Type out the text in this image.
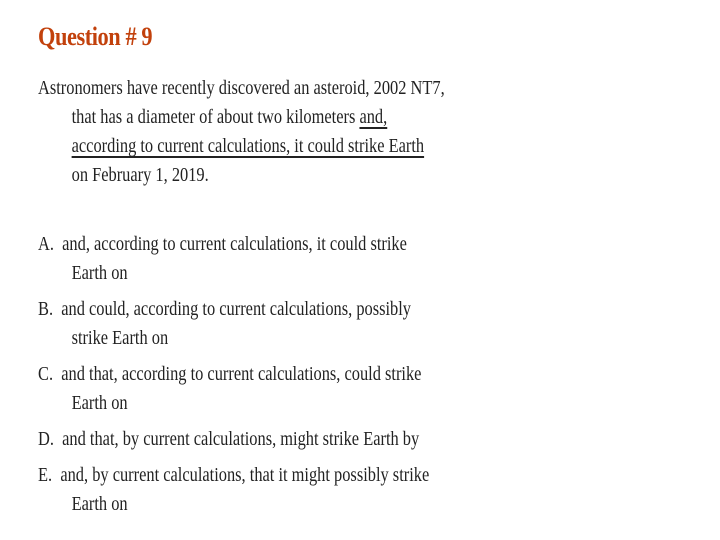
Question # 9
Astronomers have recently discovered an asteroid, 2002 NT7,
that has a diameter of about two kilometers and,
according to current calculations, it could strike Earth
on February 1, 2019.
A. and, according to current calculations, it could strike
Earth on
B. and could, according to current calculations, possibly
strike Earth on
C. and that, according to current calculations, could strike
Earth on
D. and that, by current calculations, might strike Earth by
E. and, by current calculations, that it might possibly strike
Earth on
